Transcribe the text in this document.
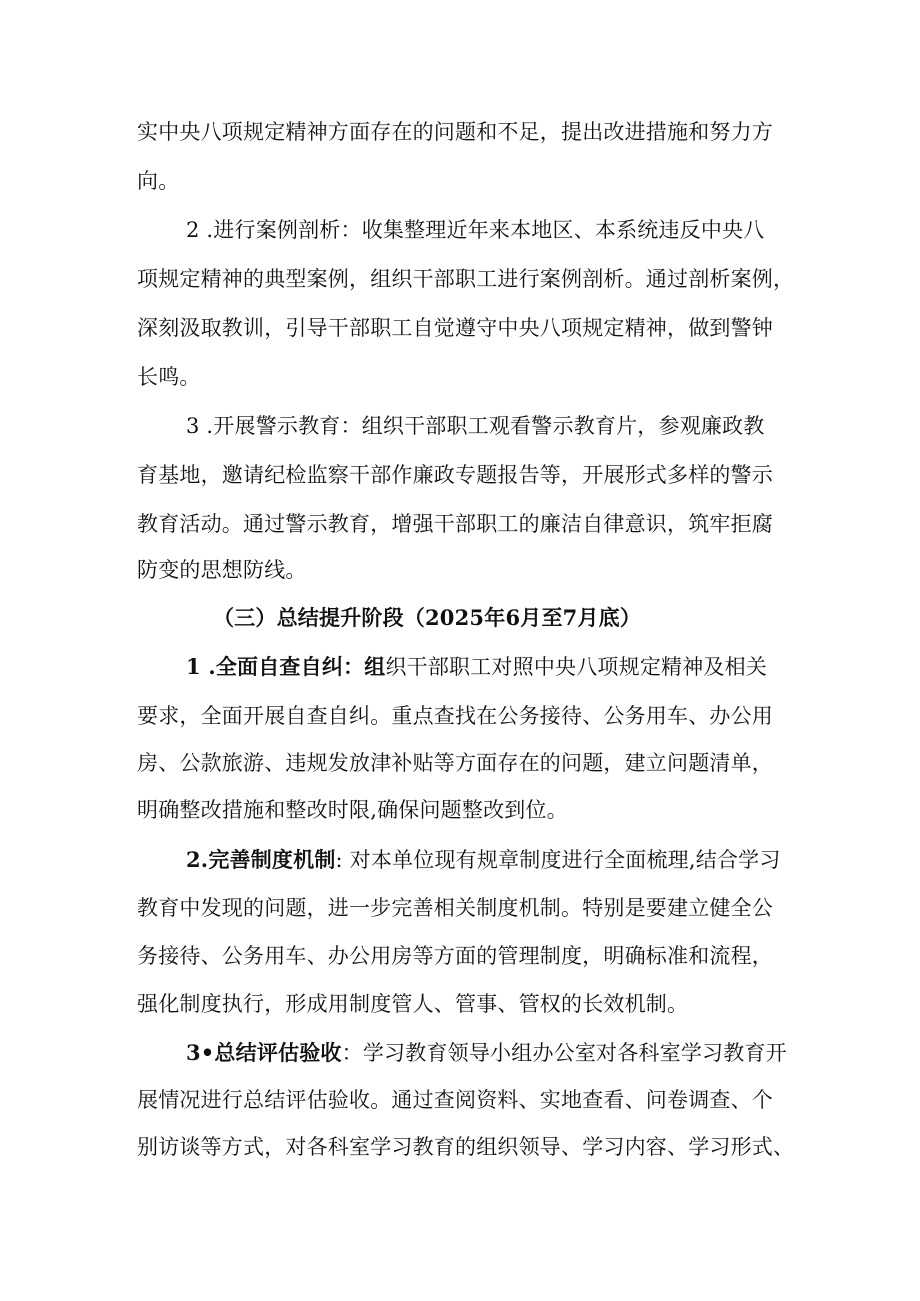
实中央八项规定精神方面存在的问题和不足，提出改进措施和努力方
向。
2 .进行案例剖析：收集整理近年来本地区、本系统违反中央八
项规定精神的典型案例，组织干部职工进行案例剖析。通过剖析案例，
深刻汲取教训，引导干部职工自觉遵守中央八项规定精神，做到警钟
长鸣。
3 .开展警示教育：组织干部职工观看警示教育片，参观廉政教
育基地，邀请纪检监察干部作廉政专题报告等，开展形式多样的警示
教育活动。通过警示教育，增强干部职工的廉洁自律意识，筑牢拒腐
防变的思想防线。
（三）总结提升阶段（2025年6月至7月底）
1 .全面自查自纠：组织干部职工对照中央八项规定精神及相关
要求，全面开展自查自纠。重点查找在公务接待、公务用车、办公用
房、公款旅游、违规发放津补贴等方面存在的问题，建立问题清单，
明确整改措施和整改时限,确保问题整改到位。
2.完善制度机制: 对本单位现有规章制度进行全面梳理,结合学习
教育中发现的问题，进一步完善相关制度机制。特别是要建立健全公
务接待、公务用车、办公用房等方面的管理制度，明确标准和流程，
强化制度执行，形成用制度管人、管事、管权的长效机制。
3•总结评估验收：学习教育领导小组办公室对各科室学习教育开
展情况进行总结评估验收。通过查阅资料、实地查看、问卷调查、个
别访谈等方式，对各科室学习教育的组织领导、学习内容、学习形式、
